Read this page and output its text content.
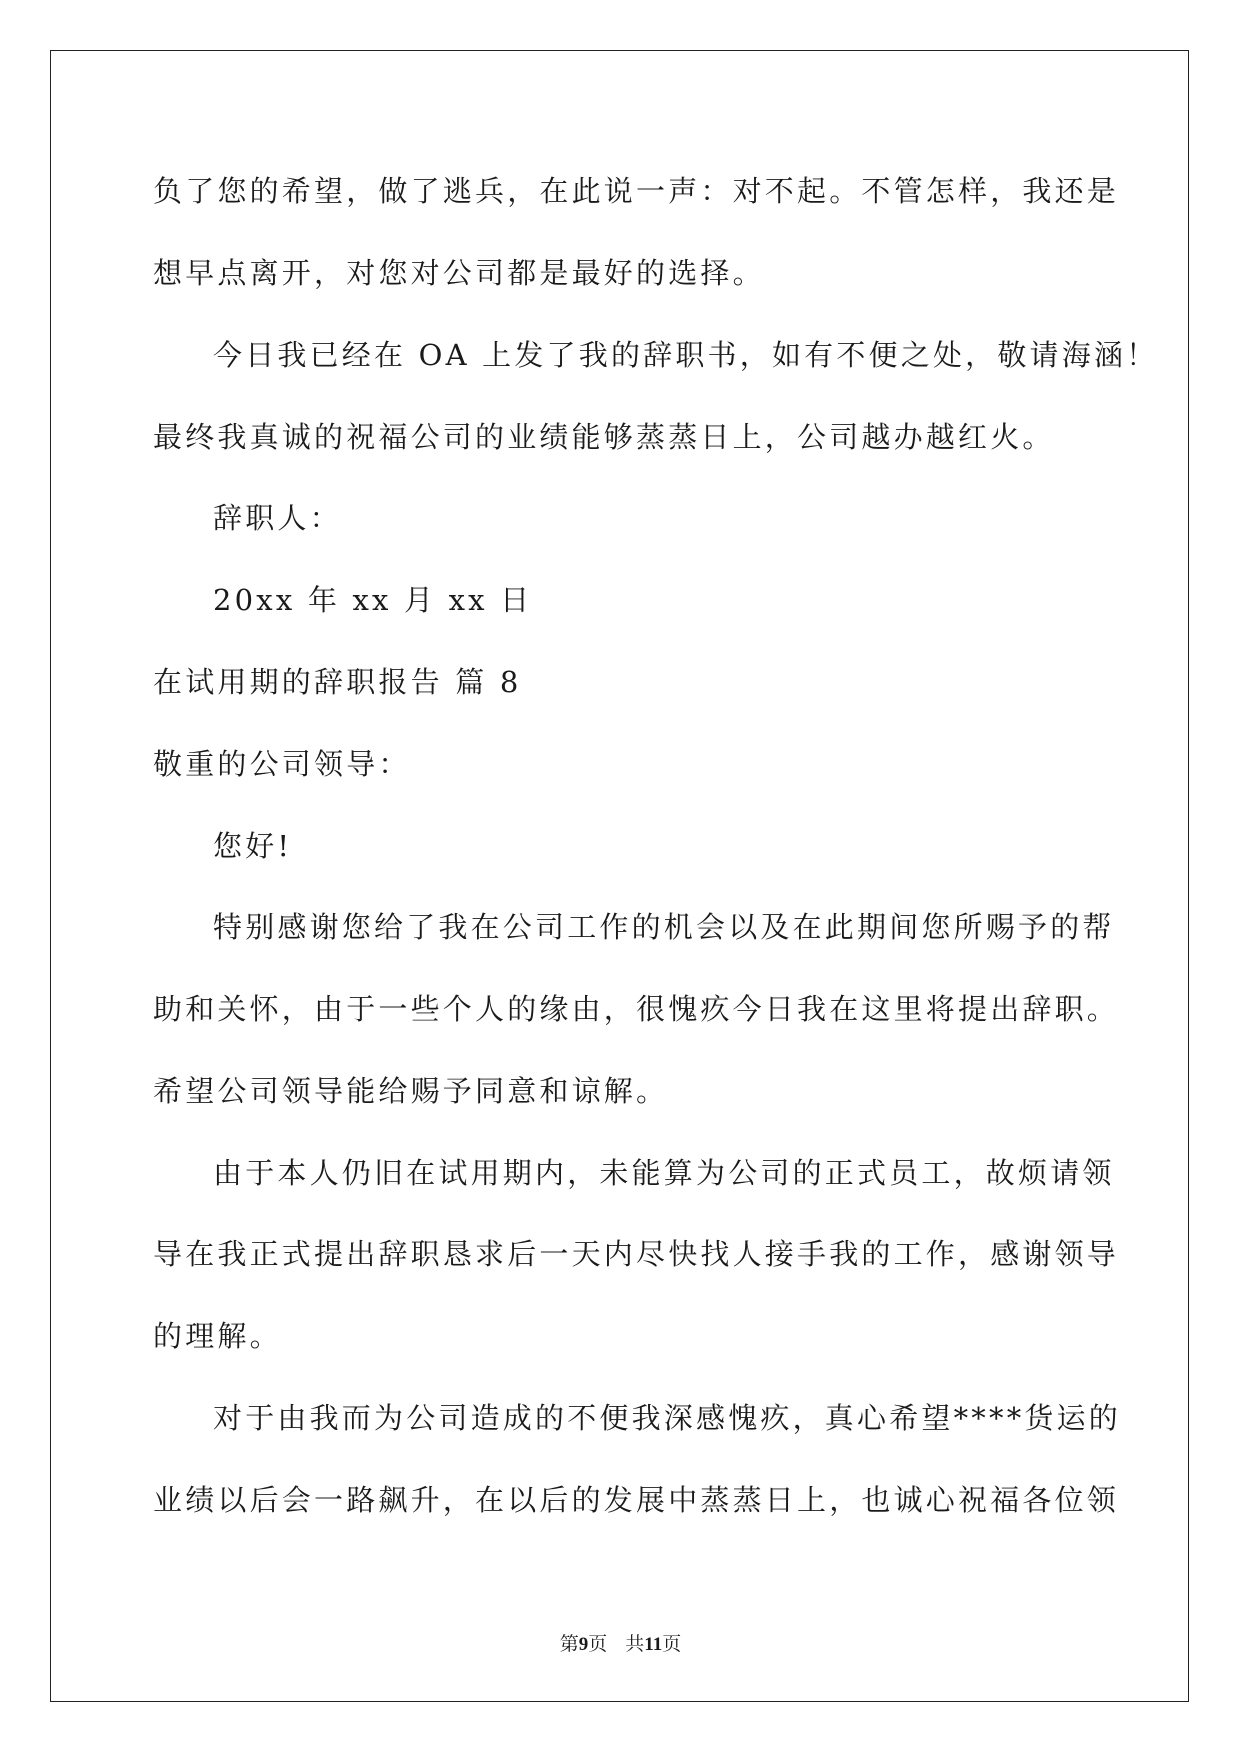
负了您的希望，做了逃兵，在此说一声：对不起。不管怎样，我还是
想早点离开，对您对公司都是最好的选择。
今日我已经在 OA 上发了我的辞职书，如有不便之处，敬请海涵！
最终我真诚的祝福公司的业绩能够蒸蒸日上，公司越办越红火。
辞职人：
20xx 年 xx 月 xx 日
在试用期的辞职报告 篇 8
敬重的公司领导：
您好!
特别感谢您给了我在公司工作的机会以及在此期间您所赐予的帮
助和关怀，由于一些个人的缘由，很愧疚今日我在这里将提出辞职。
希望公司领导能给赐予同意和谅解。
由于本人仍旧在试用期内，未能算为公司的正式员工，故烦请领
导在我正式提出辞职恳求后一天内尽快找人接手我的工作，感谢领导
的理解。
对于由我而为公司造成的不便我深感愧疚，真心希望****货运的
业绩以后会一路飙升，在以后的发展中蒸蒸日上，也诚心祝福各位领
第9页 共11页
